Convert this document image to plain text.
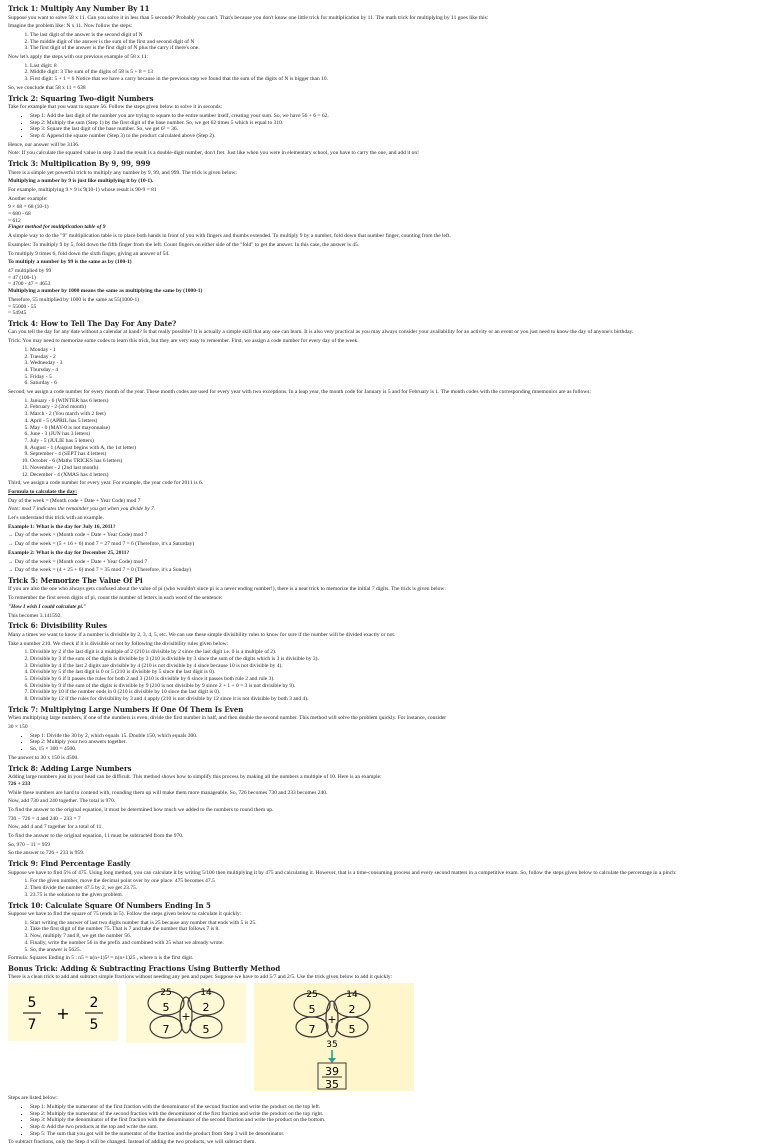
Trick 1: Multiply Any Number By 11

Suppose you want to solve 58 x 11. Can you solve it in less than 5 seconds? Probably you can't. That's because you don't know one little trick for multiplication by 11. The math trick for multiplying by 11 goes like this:

Imagine the problem like: N x 11. Now follow the steps:

1. The last digit of the answer is the second digit of N
2. The middle digit of the answer is the sum of the first and second digit of N
3. The first digit of the answer is the first digit of N plus the carry if there's one.

Now let's apply the steps with our previous example of 58 x 11:

1. Last digit: 8
2. Middle digit: 3 The sum of the digits of 58 is 5 + 8 = 13
3. First digit: 5 + 1 = 6 Notice that we have a carry because in the previous step we found that the sum of the digits of N is bigger than 10.

So, we conclude that 58 x 11 = 638

Trick 2: Squaring Two-digit Numbers

Take for example that you want to square 56. Follow the steps given below to solve it in seconds:

▪ Step 1: Add the last digit of the number you are trying to square to the entire number itself, creating your sum. So, we have 56 + 6 = 62.
▪ Step 2: Multiply the sum (Step 1) by the first digit of the base number. So, we get 62 times 5 which is equal to 310.
▪ Step 3: Square the last digit of the base number. So, we get 6² = 36.
▪ Step 4: Append the square number (Step 3) to the product calculated above (Step 2).

Hence, our answer will be 3136.

Note: If you calculate the squared value in step 3 and the result is a double-digit number, don't fret. Just like when you were in elementary school, you have to carry the one, and add it on!

Trick 3: Multiplication By 9, 99, 999

There is a simple yet powerful trick to multiply any number by 9, 99, and 999. The trick is given below:

Multiplying a number by 9 is just like multiplying it by (10-1).

For example, multiplying 9 × 9 is 9(10-1) whose result is 90-9 = 81

Another example:

9 × 68 = 68 (10-1)
= 680 - 68
= 612

Finger method for multiplication table of 9

A simple way to do the "9" multiplication table is to place both hands in front of you with fingers and thumbs extended. To multiply 9 by a number, fold down that number finger, counting from the left.

Examples: To multiply 9 by 5, fold down the fifth finger from the left. Count fingers on either side of the "fold" to get the answer. In this case, the answer is 45.

To multiply 9 times 6, fold down the sixth finger, giving an answer of 54.

To multiply a number by 99 is the same as by (100-1)

47 multiplied by 99
= 47 (100-1)
= 4700 - 47 = 4653

Multiplying a number by 1000 means the same as multiplying the same by (1000-1)

Therefore, 55 multiplied by 1000 is the same as 55(1000-1)
= 55000 - 55
= 54945
Trick 4: How to Tell The Day For Any Date?

Can you tell the day for any date without a calendar at hand? Is that really possible? It is actually a simple skill that any one can learn. It is also very practical as you may always consider your availability for an activity or an event or you just need to know the day of anyone's birthday.

Trick: You may need to memorize some codes to learn this trick, but they are very easy to remember. First, we assign a code number for every day of the week.

1. Monday - 1
2. Tuesday - 2
3. Wednesday - 3
4. Thursday - 4
5. Friday - 5
6. Saturday - 6

Second, we assign a code number for every month of the year. These month codes are used for every year with two exceptions. In a leap year, the month code for January is 5 and for February is 1. The month codes with the corresponding mnemonics are as follows:

1. January - 6 (WINTER has 6 letters)
2. February - 2 (2nd month)
3. March - 2 (You march with 2 feet)
4. April - 5 (APRIL has 5 letters)
5. May - 0 (MAY-0 is not mayonnaise)
6. June - 3 (JUN has 3 letters)
7. July - 5 (JULIE has 5 letters)
8. August - 1 (August begins with A, the 1st letter)
9. September - 4 (SEPT has 4 letters)
10. October - 6 (Maths TRICKS has 6 letters)
11. November - 2 (2nd last month)
12. December - 4 (XMAS has 4 letters)

Third, we assign a code number for every year. For example, the year code for 2011 is 6.

Formula to calculate the day:

Day of the week = (Month code + Date + Year Code) mod 7

Note: mod 7 indicates the remainder you get when you divide by 7.

Let's understand this trick with an example.

Example 1: What is the day for July 16, 2011?

→ Day of the week = (Month code + Date + Year Code) mod 7

→ Day of the week = (5 + 16 + 6) mod 7 = 27 mod 7 = 6 (Therefore, it's a Saturday)

Example 2: What is the day for December 25, 2011?

→ Day of the week = (Month code + Date + Year Code) mod 7

→ Day of the week = (4 + 25 + 6) mod 7 = 35 mod 7 = 0 (Therefore, it's a Sunday)

Trick 5: Memorize The Value Of Pi

If you are also the one who always gets confused about the value of pi (who wouldn't since pi is a never ending number!), there is a neat trick to memorize the initial 7 digits. The trick is given below:

To remember the first seven digits of pi, count the number of letters in each word of the sentence:

"How I wish I could calculate pi."

This becomes 3.141592.

Trick 6: Divisibility Rules

Many a times we want to know if a number is divisible by 2, 3, 4, 5, etc. We can use these simple divisibility rules to know for sure if the number will be divided exactly or not.

Take a number 210. We check if it is divisible or not by following the divisibility rules given below:

1. Divisible by 2 if the last digit is a multiple of 2 (210 is divisible by 2 since the last digit i.e. 0 is a multiple of 2).
2. Divisible by 3 if the sum of the digits is divisible by 3 (210 is divisible by 3 since the sum of the digits which is 3 is divisible by 3).
3. Divisible by 4 if the last 2 digits are divisible by 4 (210 is not divisible by 4 since because 10 is not divisible by 4).
4. Divisible by 5 if the last digit is 0 or 5 (210 is divisible by 5 since the last digit is 0).
5. Divisible by 6 if it passes the rules for both 2 and 3 (210 is divisible by 6 since it passes both rule 2 and rule 3).
6. Divisible by 9 if the sum of the digits is divisible by 9 (210 is not divisible by 9 since 2 + 1 + 0 = 3 is not divisible by 9).
7. Divisible by 10 if the number ends in 0 (210 is divisible by 10 since the last digit is 0).
8. Divisible by 12 if the rules for divisibility by 3 and 4 apply (210 is not divisible by 12 since it is not divisible by both 3 and 4).
Trick 7: Multiplying Large Numbers If One Of Them Is Even

When multiplying large numbers, if one of the numbers is even, divide the first number in half, and then double the second number. This method will solve the problem quickly. For instance, consider

30 × 150

▪ Step 1: Divide the 30 by 2, which equals 15. Double 150, which equals 300.
▪ Step 2: Multiply your two answers together.
▪ So, 15 × 300 = 4500.

The answer to 30 x 150 is 4500.

Trick 8: Adding Large Numbers

Adding large numbers just in your head can be difficult. This method shows how to simplify this process by making all the numbers a multiple of 10. Here is an example:
726 + 233

While these numbers are hard to contend with, rounding them up will make them more manageable. So, 726 becomes 730 and 233 becomes 240.

Now, add 730 and 240 together. The total is 970.

To find the answer to the original equation, it must be determined how much we added to the numbers to round them up.

730 − 726 = 4 and 240 − 233 = 7

Now, add 4 and 7 together for a total of 11.

To find the answer to the original equation, 11 must be subtracted from the 970.

So, 970 − 11 = 959

So the answer to 726 + 233 is 959.

Trick 9: Find Percentage Easily

Suppose we have to find 5% of 475. Using long method, you can calculate it by writing 5/100 then multiplying it by 475 and calculating it. However, that is a time-consuming process and every second matters in a competitive exam. So, follow the steps given below to calculate the percentage in a pinch:

1. For the given number, move the decimal point over by one place. 475 becomes 47.5
2. Then divide the number 47.5 by 2, we get 23.75.
3. 23.75 is the solution to the given problem.
Trick 10: Calculate Square Of Numbers Ending In 5

Suppose we have to find the square of 75 (ends in 5). Follow the steps given below to calculate it quickly:

1. Start writing the answer of last two digits number that is 25 because any number that ends with 5 is 25.
2. Take the first digit of the number 75. That is 7 and take the number that follows 7 is 8.
3. Now, multiply 7 and 8, we get the number 56.
4. Finally, write the number 56 in the prefix and combined with 25 what we already wrote.
5. So, the answer is 5625.

Formula: Squares Ending in 5 : n5 = n(n+1)5² = n(n+1)25 , where n is the first digit.

Bonus Trick: Adding & Subtracting Fractions Using Butterfly Method

There is a clean trick to add and subtract simple fractions without needing any pen and paper. Suppose we have to add 5/7 and 2/5. Use the trick given below to add it quickly:

5
7
+
2
5
25	14
5
7
2
5
+
25	14
5
7
2
5
+
35
39
35

Steps are listed below:

▪ Step 1: Multiply the numerator of the first fraction with the denominator of the second fraction and write the product on the top left.
▪ Step 2: Multiply the numerator of the second fraction with the denominator of the first fraction and write the product on the top right.
▪ Step 3: Multiply the denominator of the first fraction with the denominator of the second fraction and write the product on the bottom.
▪ Step 4: Add the two products at the top and write the sum.
▪ Step 5: The sum that you got will be the numerator of the fraction and the product from Step 3 will be denominator.

To subtract fractions, only the Step 4 will be changed. Instead of adding the two products, we will subtract them.
